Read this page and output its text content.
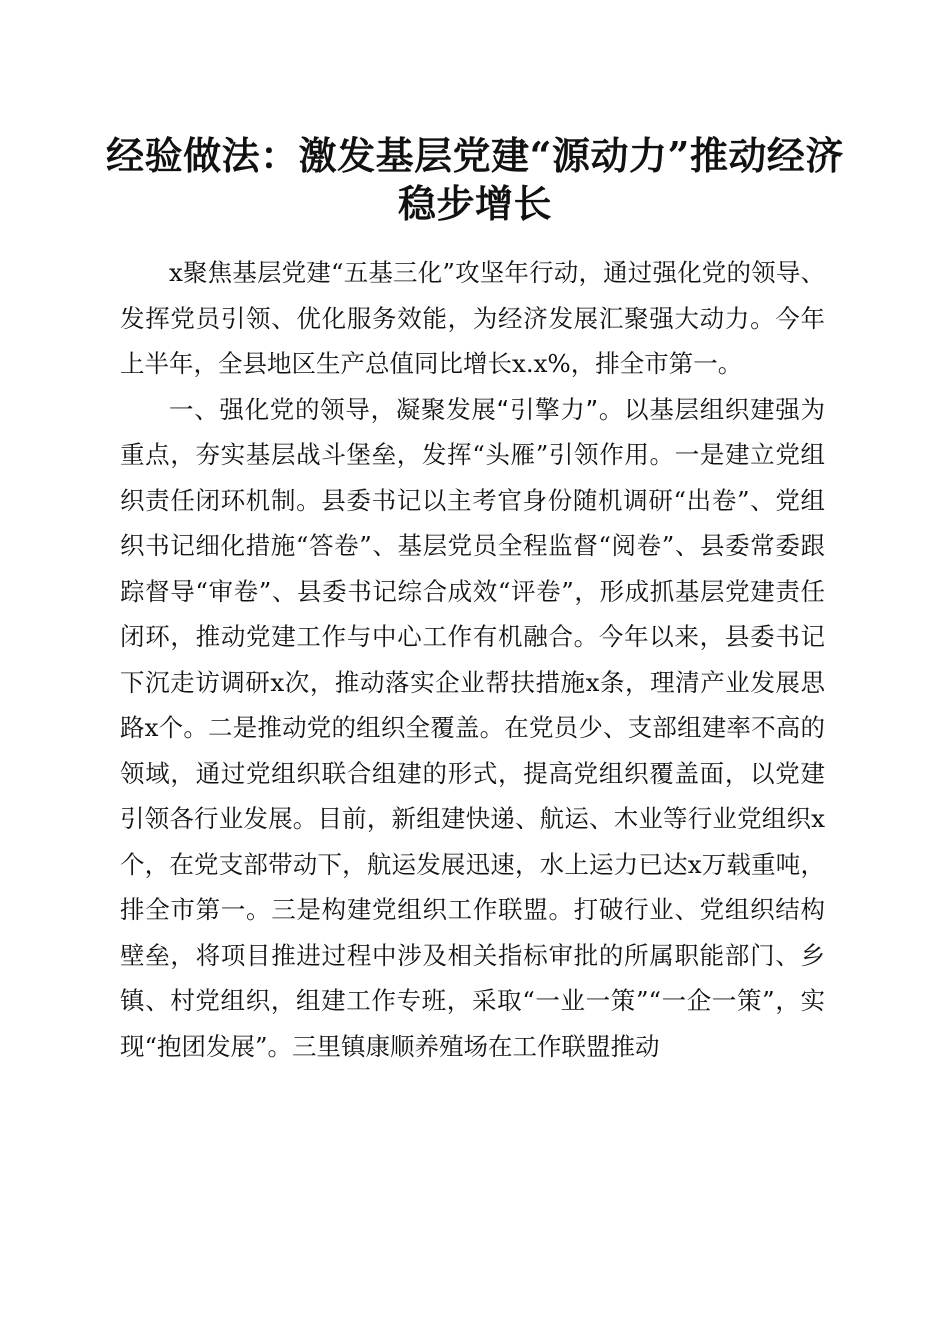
经验做法：激发基层党建“源动力”推动经济稳步增长

x聚焦基层党建“五基三化”攻坚年行动，通过强化党的领导、发挥党员引领、优化服务效能，为经济发展汇聚强大动力。今年上半年，全县地区生产总值同比增长x.x%，排全市第一。

一、强化党的领导，凝聚发展“引擎力”。以基层组织建强为重点，夯实基层战斗堡垒，发挥“头雁”引领作用。一是建立党组织责任闭环机制。县委书记以主考官身份随机调研“出卷”、党组织书记细化措施“答卷”、基层党员全程监督“阅卷”、县委常委跟踪督导“审卷”、县委书记综合成效“评卷”，形成抓基层党建责任闭环，推动党建工作与中心工作有机融合。今年以来，县委书记下沉走访调研x次，推动落实企业帮扶措施x条，理清产业发展思路x个。二是推动党的组织全覆盖。在党员少、支部组建率不高的领域，通过党组织联合组建的形式，提高党组织覆盖面，以党建引领各行业发展。目前，新组建快递、航运、木业等行业党组织x个，在党支部带动下，航运发展迅速，水上运力已达x万载重吨，排全市第一。三是构建党组织工作联盟。打破行业、党组织结构壁垒，将项目推进过程中涉及相关指标审批的所属职能部门、乡镇、村党组织，组建工作专班，采取“一业一策”“一企一策”，实现“抱团发展”。三里镇康顺养殖场在工作联盟推动
